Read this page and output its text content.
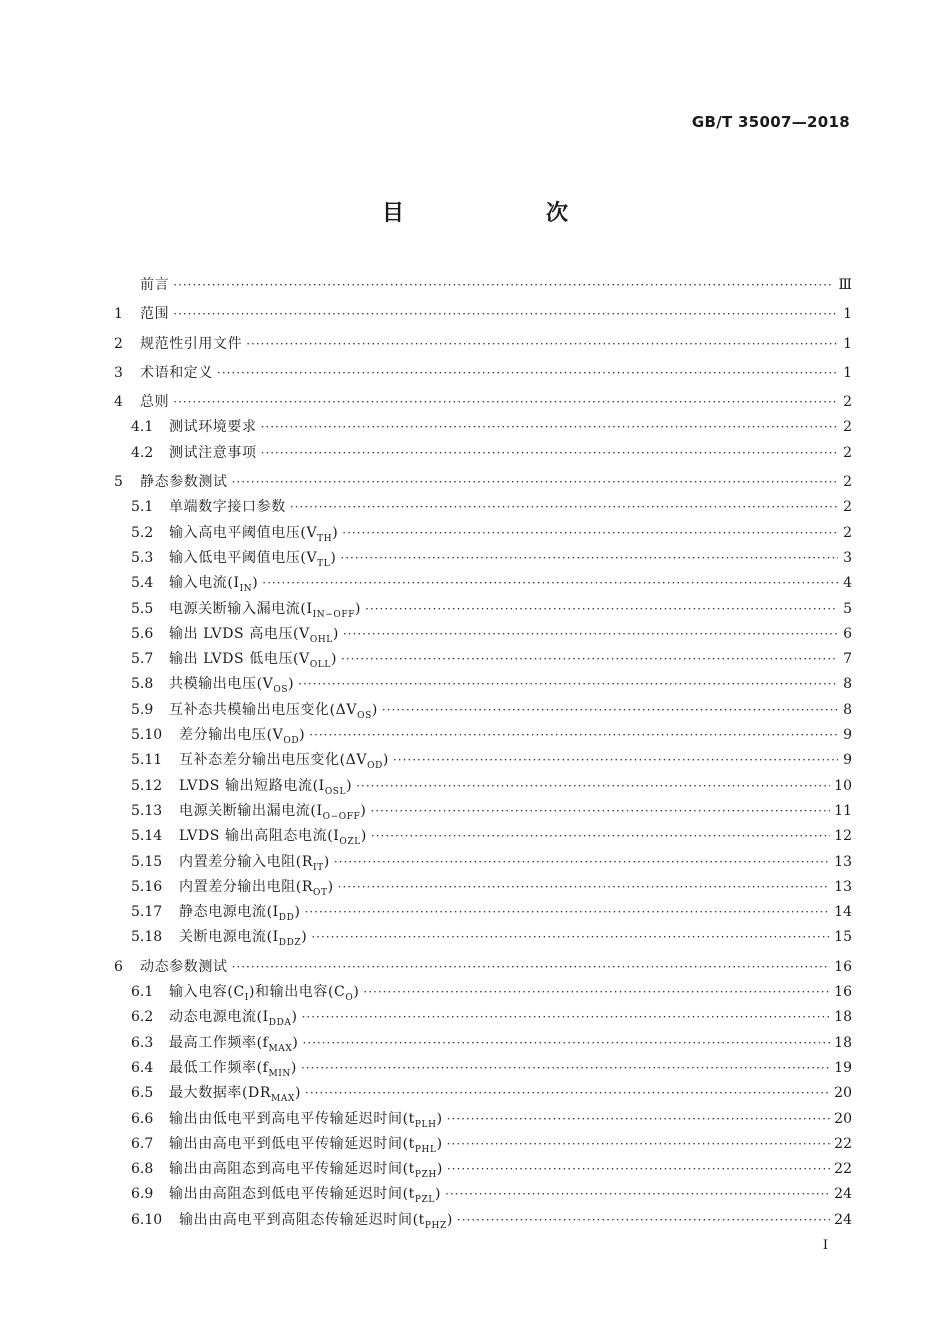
GB/T 35007—2018
目　次
前言 ·····	Ⅲ
1	范围 ·····	1
2	规范性引用文件 ·····	1
3	术语和定义 ·····	1
4	总则 ·····	2
4.1	测试环境要求 ·····	2
4.2	测试注意事项 ·····	2
5	静态参数测试 ·····	2
5.1	单端数字接口参数 ·····	2
5.2	输入高电平阈值电压$(V_{TH})$ ·····	2
5.3	输入低电平阈值电压$(V_{TL})$ ·····	3
5.4	输入电流$(I_{IN})$ ·····	4
5.5	电源关断输入漏电流$(I_{IN-OFF})$ ·····	5
5.6	输出 LVDS 高电压$(V_{OHL})$ ·····	6
5.7	输出 LVDS 低电压$(V_{OLL})$ ·····	7
5.8	共模输出电压$(V_{OS})$ ·····	8
5.9	互补态共模输出电压变化$(\Delta V_{OS})$ ·····	8
5.10	差分输出电压$(V_{OD})$ ·····	9
5.11	互补态差分输出电压变化$(\Delta V_{OD})$ ·····	9
5.12	LVDS 输出短路电流$(I_{OSL})$ ·····	10
5.13	电源关断输出漏电流$(I_{O-OFF})$ ·····	11
5.14	LVDS 输出高阻态电流$(I_{OZL})$ ·····	12
5.15	内置差分输入电阻$(R_{IT})$ ·····	13
5.16	内置差分输出电阻$(R_{OT})$ ·····	13
5.17	静态电源电流$(I_{DD})$ ·····	14
5.18	关断电源电流$(I_{DDZ})$ ·····	15
6	动态参数测试 ·····	16
6.1	输入电容$(C_I)$和输出电容$(C_O)$ ·····	16
6.2	动态电源电流$(I_{DDA})$ ·····	18
6.3	最高工作频率$(f_{MAX})$ ·····	18
6.4	最低工作频率$(f_{MIN})$ ·····	19
6.5	最大数据率$(DR_{MAX})$ ·····	20
6.6	输出由低电平到高电平传输延迟时间$(t_{PLH})$ ·····	20
6.7	输出由高电平到低电平传输延迟时间$(t_{PHL})$ ·····	22
6.8	输出由高阻态到高电平传输延迟时间$(t_{PZH})$ ·····	22
6.9	输出由高阻态到低电平传输延迟时间$(t_{PZL})$ ·····	24
6.10	输出由高电平到高阻态传输延迟时间$(t_{PHZ})$ ·····	24
I
